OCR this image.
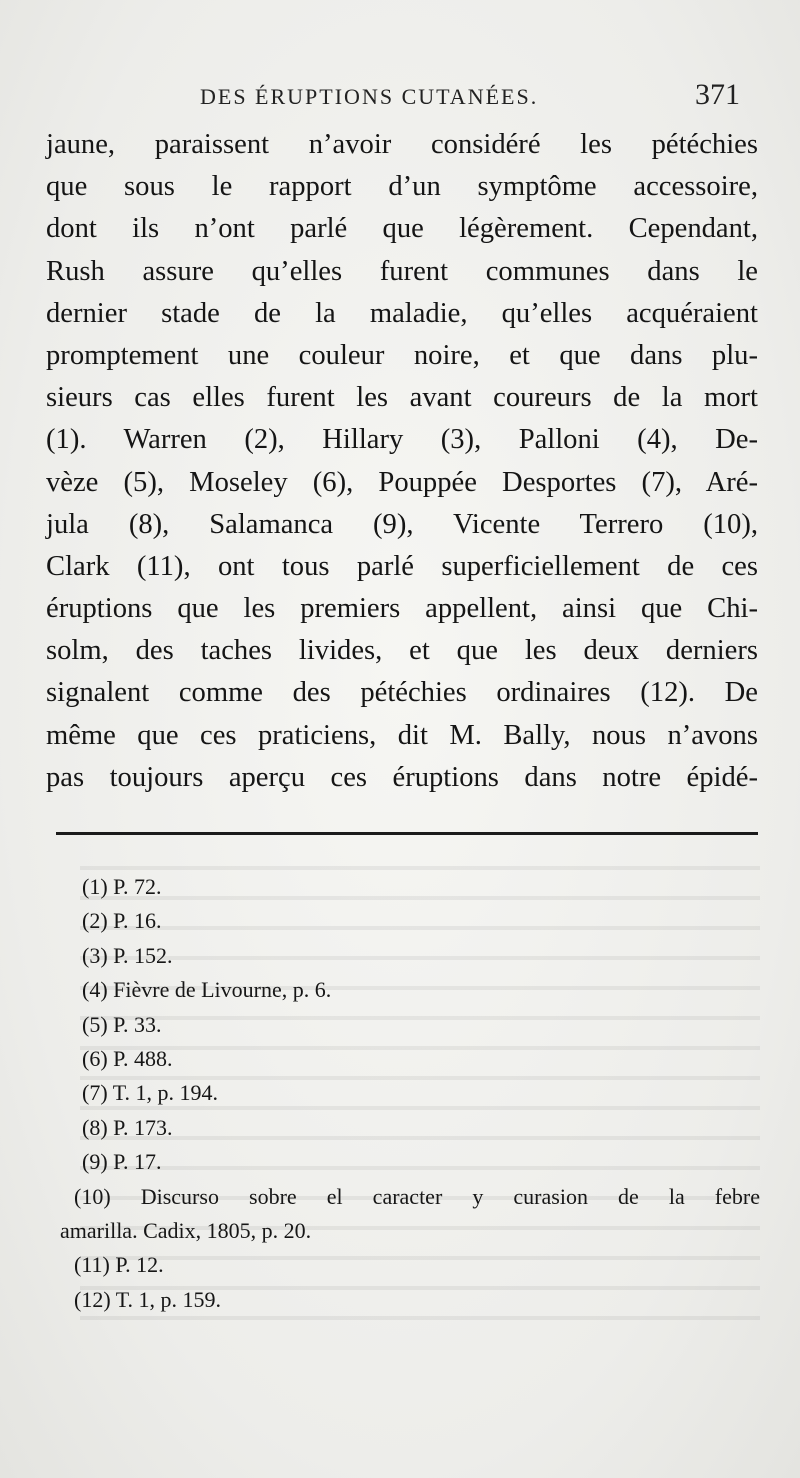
DES ÉRUPTIONS CUTANÉES.	371
jaune, paraissent n’avoir considéré les pétéchies
que sous le rapport d’un symptôme accessoire,
dont ils n’ont parlé que légèrement. Cependant,
Rush assure qu’elles furent communes dans le
dernier stade de la maladie, qu’elles acquéraient
promptement une couleur noire, et que dans plu-
sieurs cas elles furent les avant coureurs de la mort
(1). Warren (2), Hillary (3), Palloni (4), De-
vèze (5), Moseley (6), Pouppée Desportes (7), Aré-
jula (8), Salamanca (9), Vicente Terrero (10),
Clark (11), ont tous parlé superficiellement de ces
éruptions que les premiers appellent, ainsi que Chi-
solm, des taches livides, et que les deux derniers
signalent comme des pétéchies ordinaires (12). De
même que ces praticiens, dit M. Bally, nous n’avons
pas toujours aperçu ces éruptions dans notre épidé-
(1) P. 72.
(2) P. 16.
(3) P. 152.
(4) Fièvre de Livourne, p. 6.
(5) P. 33.
(6) P. 488.
(7) T. 1, p. 194.
(8) P. 173.
(9) P. 17.
(10) Discurso sobre el caracter y curasion de la febre
amarilla. Cadix, 1805, p. 20.
(11) P. 12.
(12) T. 1, p. 159.
